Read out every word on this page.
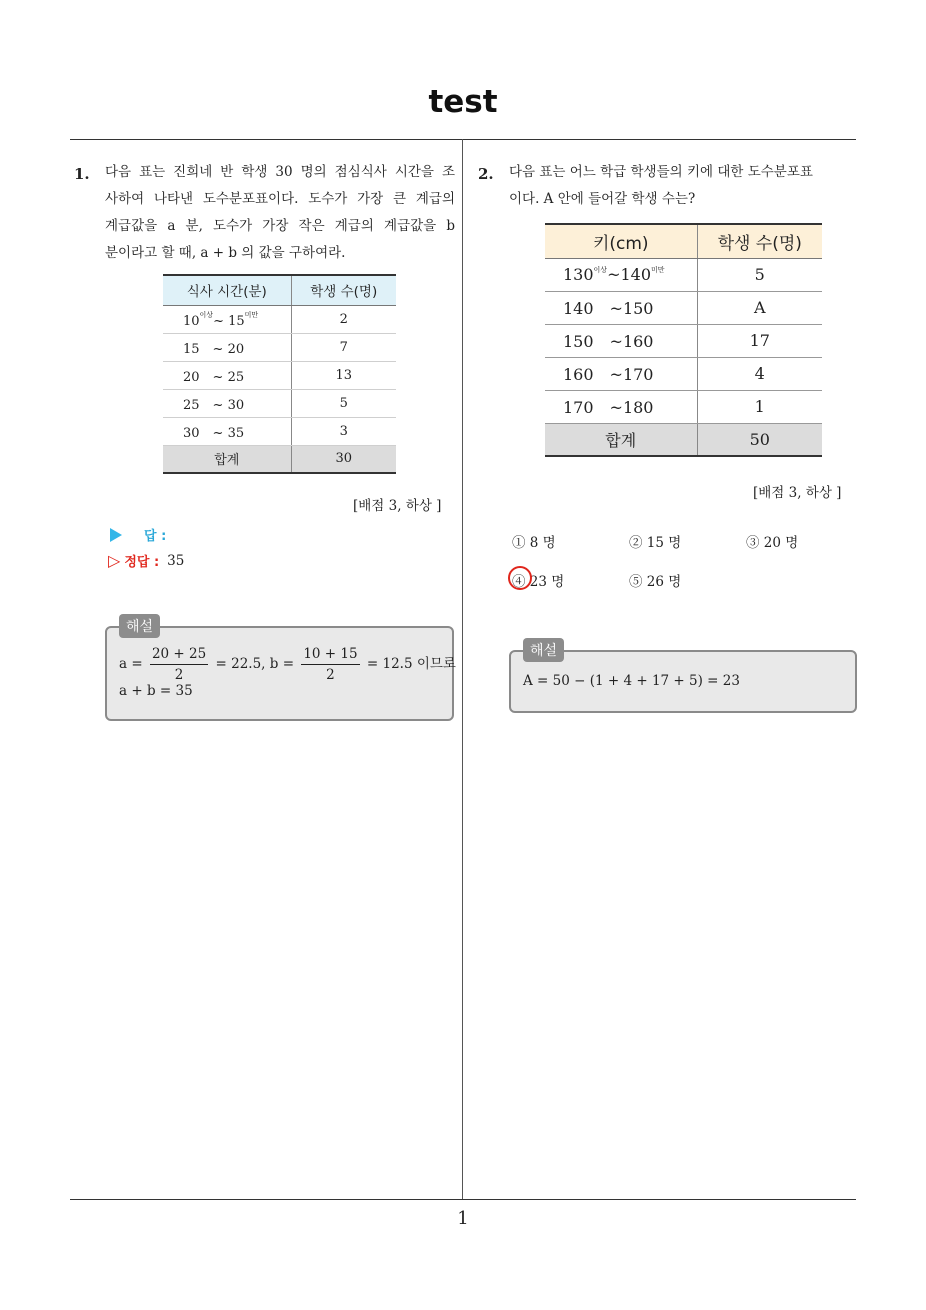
test
1. 다음 표는 진희네 반 학생 30 명의 점심식사 시간을 조
사하여 나타낸 도수분포표이다. 도수가 가장 큰 계급의
계급값을 a 분, 도수가 가장 작은 계급의 계급값을 b
분이라고 할 때, a + b 의 값을 구하여라.
식사 시간(분)	학생 수(명)
$10^{이상}\sim$ $15^{미만}$	2
15　~ 20	7
20　~ 25	13
25　~ 30	5
30　~ 35	3
합계	30
[배점 3, 하상 ]
답 :
▷ 정답 : 35
$a = \frac{20 + 25}{2} = 22.5$, $b = \frac{10 + 15}{2} = 12.5$ 이므로
a + b = 35
해설
2. 다음 표는 어느 학급 학생들의 키에 대한 도수분포표
이다. A 안에 들어갈 학생 수는?
키(cm)	학생 수(명)
$130^{이상}\sim 140^{미만}$	5
140　~150	A
150　~160	17
160　~170	4
170　~180	1
합계	50
[배점 3, 하상 ]
① 8 명	② 15 명	③ 20 명
④ 23 명	⑤ 26 명
A = 50 − (1 + 4 + 17 + 5) = 23
해설
1
